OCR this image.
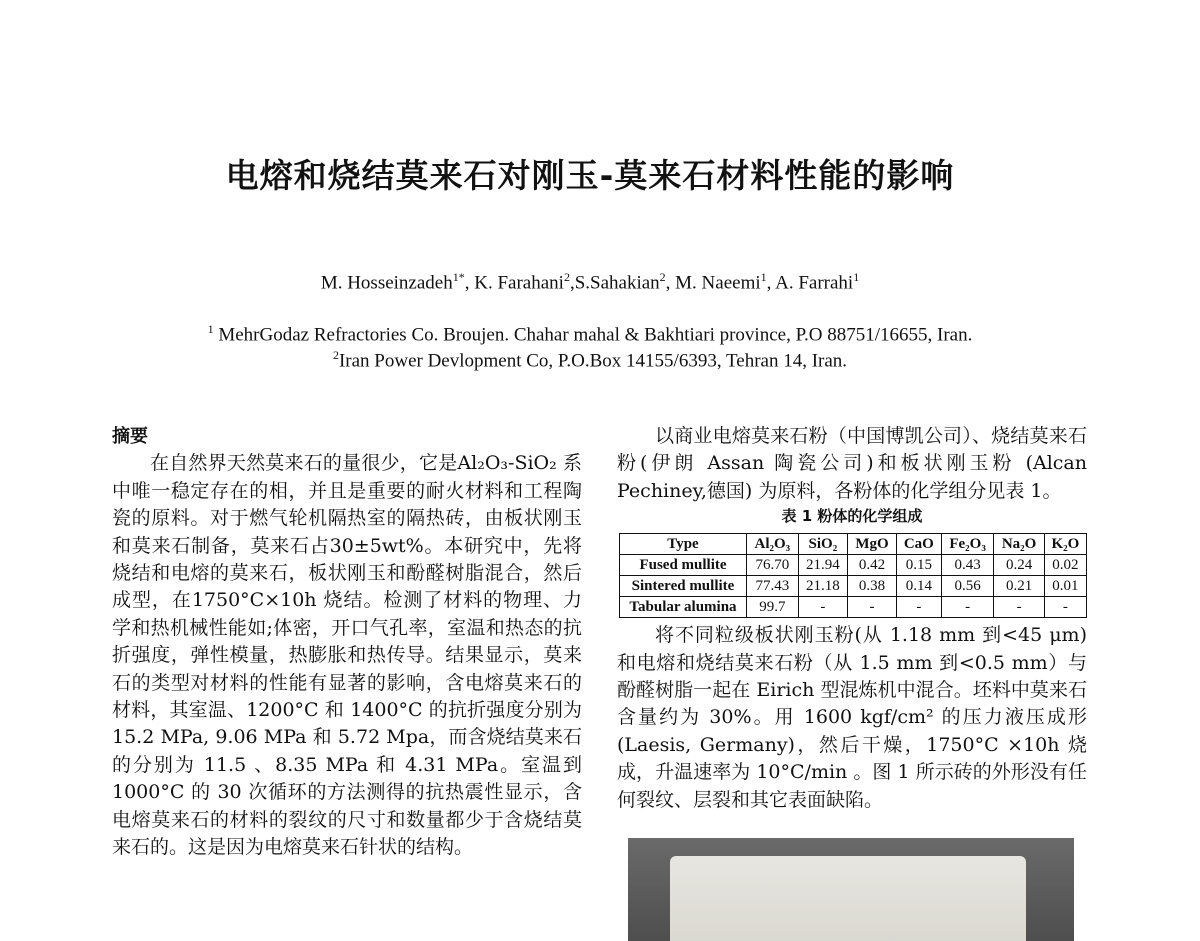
电熔和烧结莫来石对刚玉-莫来石材料性能的影响
M. Hosseinzadeh$^{1*}$, K. Farahani$^2$,S.Sahakian$^2$, M. Naeemi$^1$, A. Farrahi$^1$
$^1$ MehrGodaz Refractories Co. Broujen. Chahar mahal & Bakhtiari province, P.O 88751/16655, Iran.
$^2$Iran Power Devlopment Co, P.O.Box 14155/6393, Tehran 14, Iran.
摘要

在自然界天然莫来石的量很少，它是Al₂O₃-SiO₂ 系中唯一稳定存在的相，并且是重要的耐火材料和工程陶瓷的原料。对于燃气轮机隔热室的隔热砖，由板状刚玉和莫来石制备，莫来石占30±5wt%。本研究中，先将烧结和电熔的莫来石，板状刚玉和酚醛树脂混合，然后成型，在1750°C×10h 烧结。检测了材料的物理、力学和热机械性能如;体密，开口气孔率，室温和热态的抗折强度，弹性模量，热膨胀和热传导。结果显示，莫来石的类型对材料的性能有显著的影响，含电熔莫来石的材料，其室温、1200°C 和 1400°C 的抗折强度分别为 15.2 MPa, 9.06 MPa 和 5.72 Mpa，而含烧结莫来石的分别为 11.5 、8.35 MPa 和 4.31 MPa。室温到 1000°C 的 30 次循环的方法测得的抗热震性显示，含电熔莫来石的材料的裂纹的尺寸和数量都少于含烧结莫来石的。这是因为电熔莫来石针状的结构。

以商业电熔莫来石粉（中国博凯公司）、烧结莫来石粉(伊朗 Assan 陶瓷公司)和板状刚玉粉 (Alcan Pechiney,德国) 为原料，各粉体的化学组分见表 1。

表 1 粉体的化学组成
Type	Al₂O₃	SiO₂	MgO	CaO	Fe₂O₃	Na₂O	K₂O
Fused mullite	76.70	21.94	0.42	0.15	0.43	0.24	0.02
Sintered mullite	77.43	21.18	0.38	0.14	0.56	0.21	0.01
Tabular alumina	99.7	-	-	-	-	-	-

将不同粒级板状刚玉粉(从 1.18 mm 到<45 μm)和电熔和烧结莫来石粉（从 1.5 mm 到<0.5 mm）与酚醛树脂一起在 Eirich 型混炼机中混合。坯料中莫来石含量约为 30%。用 1600 kgf/cm² 的压力液压成形(Laesis, Germany)，然后干燥，1750°C ×10h 烧成，升温速率为 10°C/min 。图 1 所示砖的外形没有任何裂纹、层裂和其它表面缺陷。
